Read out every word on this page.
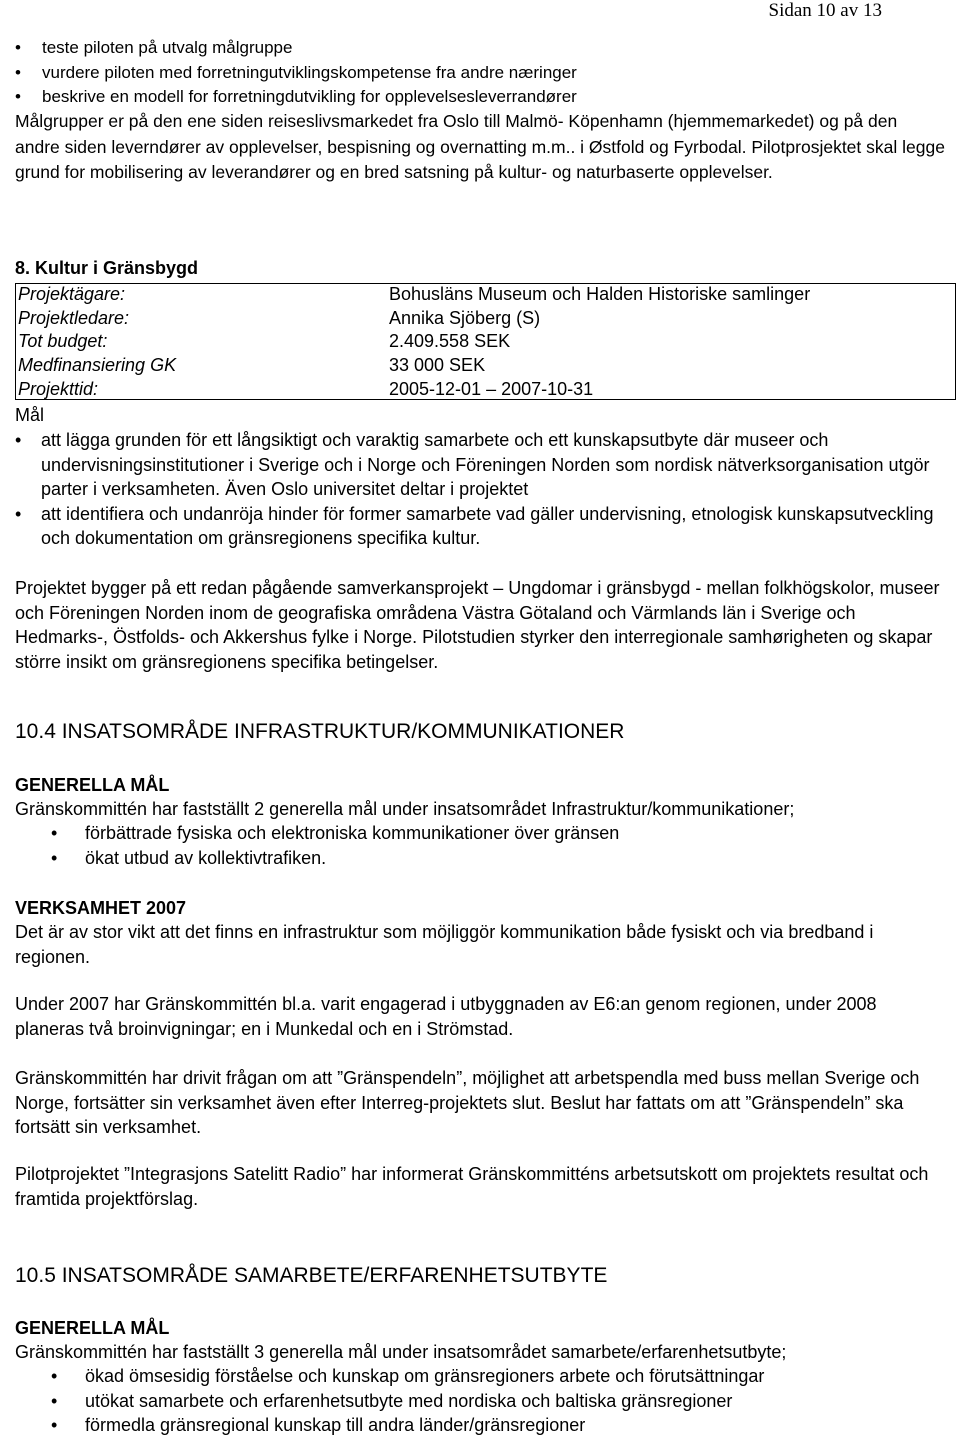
Sidan 10 av 13
• teste piloten på utvalg målgruppe
• vurdere piloten med forretningutviklingskompetense fra andre næringer
• beskrive en modell for forretningdutvikling for opplevelsesleverrandører

Målgrupper er på den ene siden reiseslivsmarkedet fra Oslo till Malmö- Köpenhamn (hjemmemarkedet) og på den andre siden leverndører av opplevelser, bespisning og overnatting m.m.. i Østfold og Fyrbodal. Pilotprosjektet skal legge grund for mobilisering av leverandører og en bred satsning på kultur- og naturbaserte opplevelser.

8. Kultur i Gränsbygd
Projektägare:	Bohusläns Museum och Halden Historiske samlinger
Projektledare:	Annika Sjöberg (S)
Tot budget:	2.409.558 SEK
Medfinansiering GK	33 000 SEK
Projekttid:	2005-12-01 – 2007-10-31
Mål
• att lägga grunden för ett långsiktigt och varaktig samarbete och ett kunskapsutbyte där museer och undervisningsinstitutioner i Sverige och i Norge och Föreningen Norden som nordisk nätverksorganisation utgör parter i verksamheten. Även Oslo universitet deltar i projektet
• att identifiera och undanröja hinder för former samarbete vad gäller undervisning, etnologisk kunskapsutveckling och dokumentation om gränsregionens specifika kultur.

Projektet bygger på ett redan pågående samverkansprojekt – Ungdomar i gränsbygd - mellan folkhögskolor, museer och Föreningen Norden inom de geografiska områdena Västra Götaland och Värmlands län i Sverige och Hedmarks-, Östfolds- och Akkershus fylke i Norge. Pilotstudien styrker den interregionale samhørigheten og skapar större insikt om gränsregionens specifika betingelser.

10.4 INSATSOMRÅDE INFRASTRUKTUR/KOMMUNIKATIONER
GENERELLA MÅL

Gränskommittén har fastställt 2 generella mål under insatsområdet Infrastruktur/kommunikationer;

• förbättrade fysiska och elektroniska kommunikationer över gränsen
• ökat utbud av kollektivtrafiken.
VERKSAMHET 2007

Det är av stor vikt att det finns en infrastruktur som möjliggör kommunikation både fysiskt och via bredband i regionen.

Under 2007 har Gränskommittén bl.a. varit engagerad i utbyggnaden av E6:an genom regionen, under 2008 planeras två broinvigningar; en i Munkedal och en i Strömstad.

Gränskommittén har drivit frågan om att ”Gränspendeln”, möjlighet att arbetspendla med buss mellan Sverige och Norge, fortsätter sin verksamhet även efter Interreg-projektets slut. Beslut har fattats om att ”Gränspendeln” ska fortsätt sin verksamhet.

Pilotprojektet ”Integrasjons Satelitt Radio” har informerat Gränskommitténs arbetsutskott om projektets resultat och framtida projektförslag.

10.5 INSATSOMRÅDE SAMARBETE/ERFARENHETSUTBYTE
GENERELLA MÅL

Gränskommittén har fastställt 3 generella mål under insatsområdet samarbete/erfarenhetsutbyte;

• ökad ömsesidig förståelse och kunskap om gränsregioners arbete och förutsättningar
• utökat samarbete och erfarenhetsutbyte med nordiska och baltiska gränsregioner
• förmedla gränsregional kunskap till andra länder/gränsregioner
